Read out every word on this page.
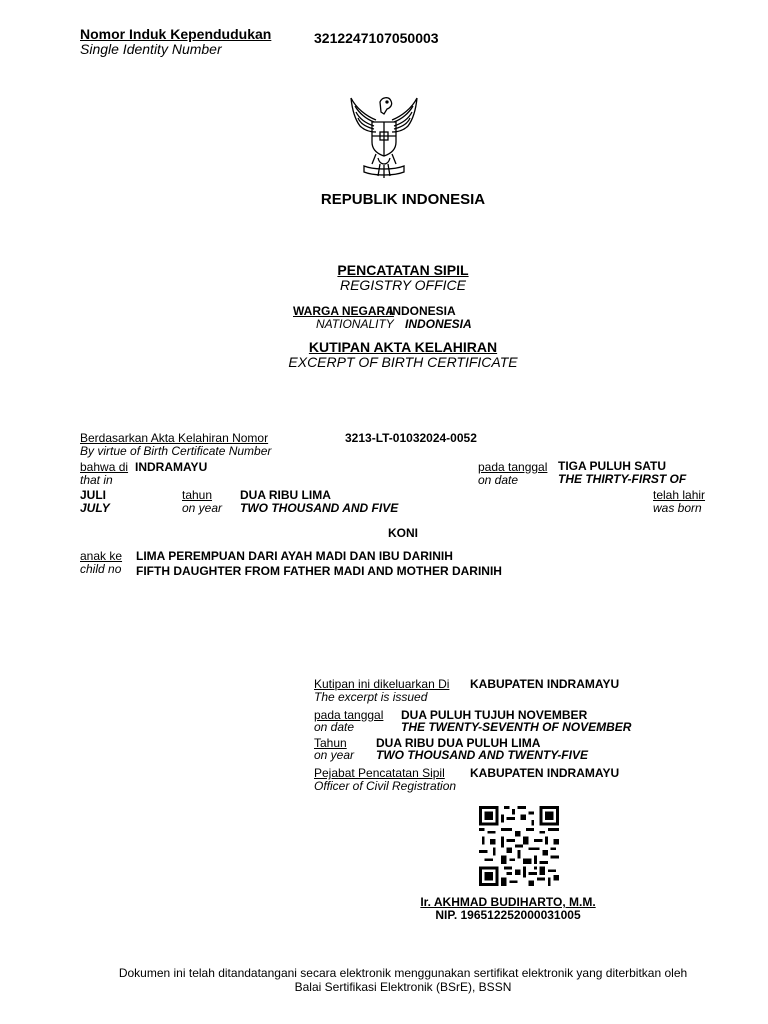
Nomor Induk Kependudukan
Single Identity Number
3212247107050003
REPUBLIK INDONESIA
PENCATATAN SIPIL
REGISTRY OFFICE
WARGA NEGARA
INDONESIA
NATIONALITY INDONESIA
KUTIPAN AKTA KELAHIRAN
EXCERPT OF BIRTH CERTIFICATE
Berdasarkan Akta Kelahiran Nomor
By virtue of Birth Certificate Number
3213-LT-01032024-0052
bahwa di INDRAMAYU
that in
pada tanggal
on date
TIGA PULUH SATU
THE THIRTY-FIRST OF
JULI
JULY
tahun
on year
DUA RIBU LIMA
TWO THOUSAND AND FIVE
telah lahir
was born
KONI
anak ke
child no
LIMA PEREMPUAN DARI AYAH MADI DAN IBU DARINIH
FIFTH DAUGHTER FROM FATHER MADI AND MOTHER DARINIH
Kutipan ini dikeluarkan Di
The excerpt is issued
KABUPATEN INDRAMAYU
pada tanggal
on date
DUA PULUH TUJUH NOVEMBER
THE TWENTY-SEVENTH OF NOVEMBER
Tahun
on year
DUA RIBU DUA PULUH LIMA
TWO THOUSAND AND TWENTY-FIVE
Pejabat Pencatatan Sipil
Officer of Civil Registration
KABUPATEN INDRAMAYU
Ir. AKHMAD BUDIHARTO, M.M.
NIP. 196512252000031005
Dokumen ini telah ditandatangani secara elektronik menggunakan sertifikat elektronik yang diterbitkan oleh
Balai Sertifikasi Elektronik (BSrE), BSSN
